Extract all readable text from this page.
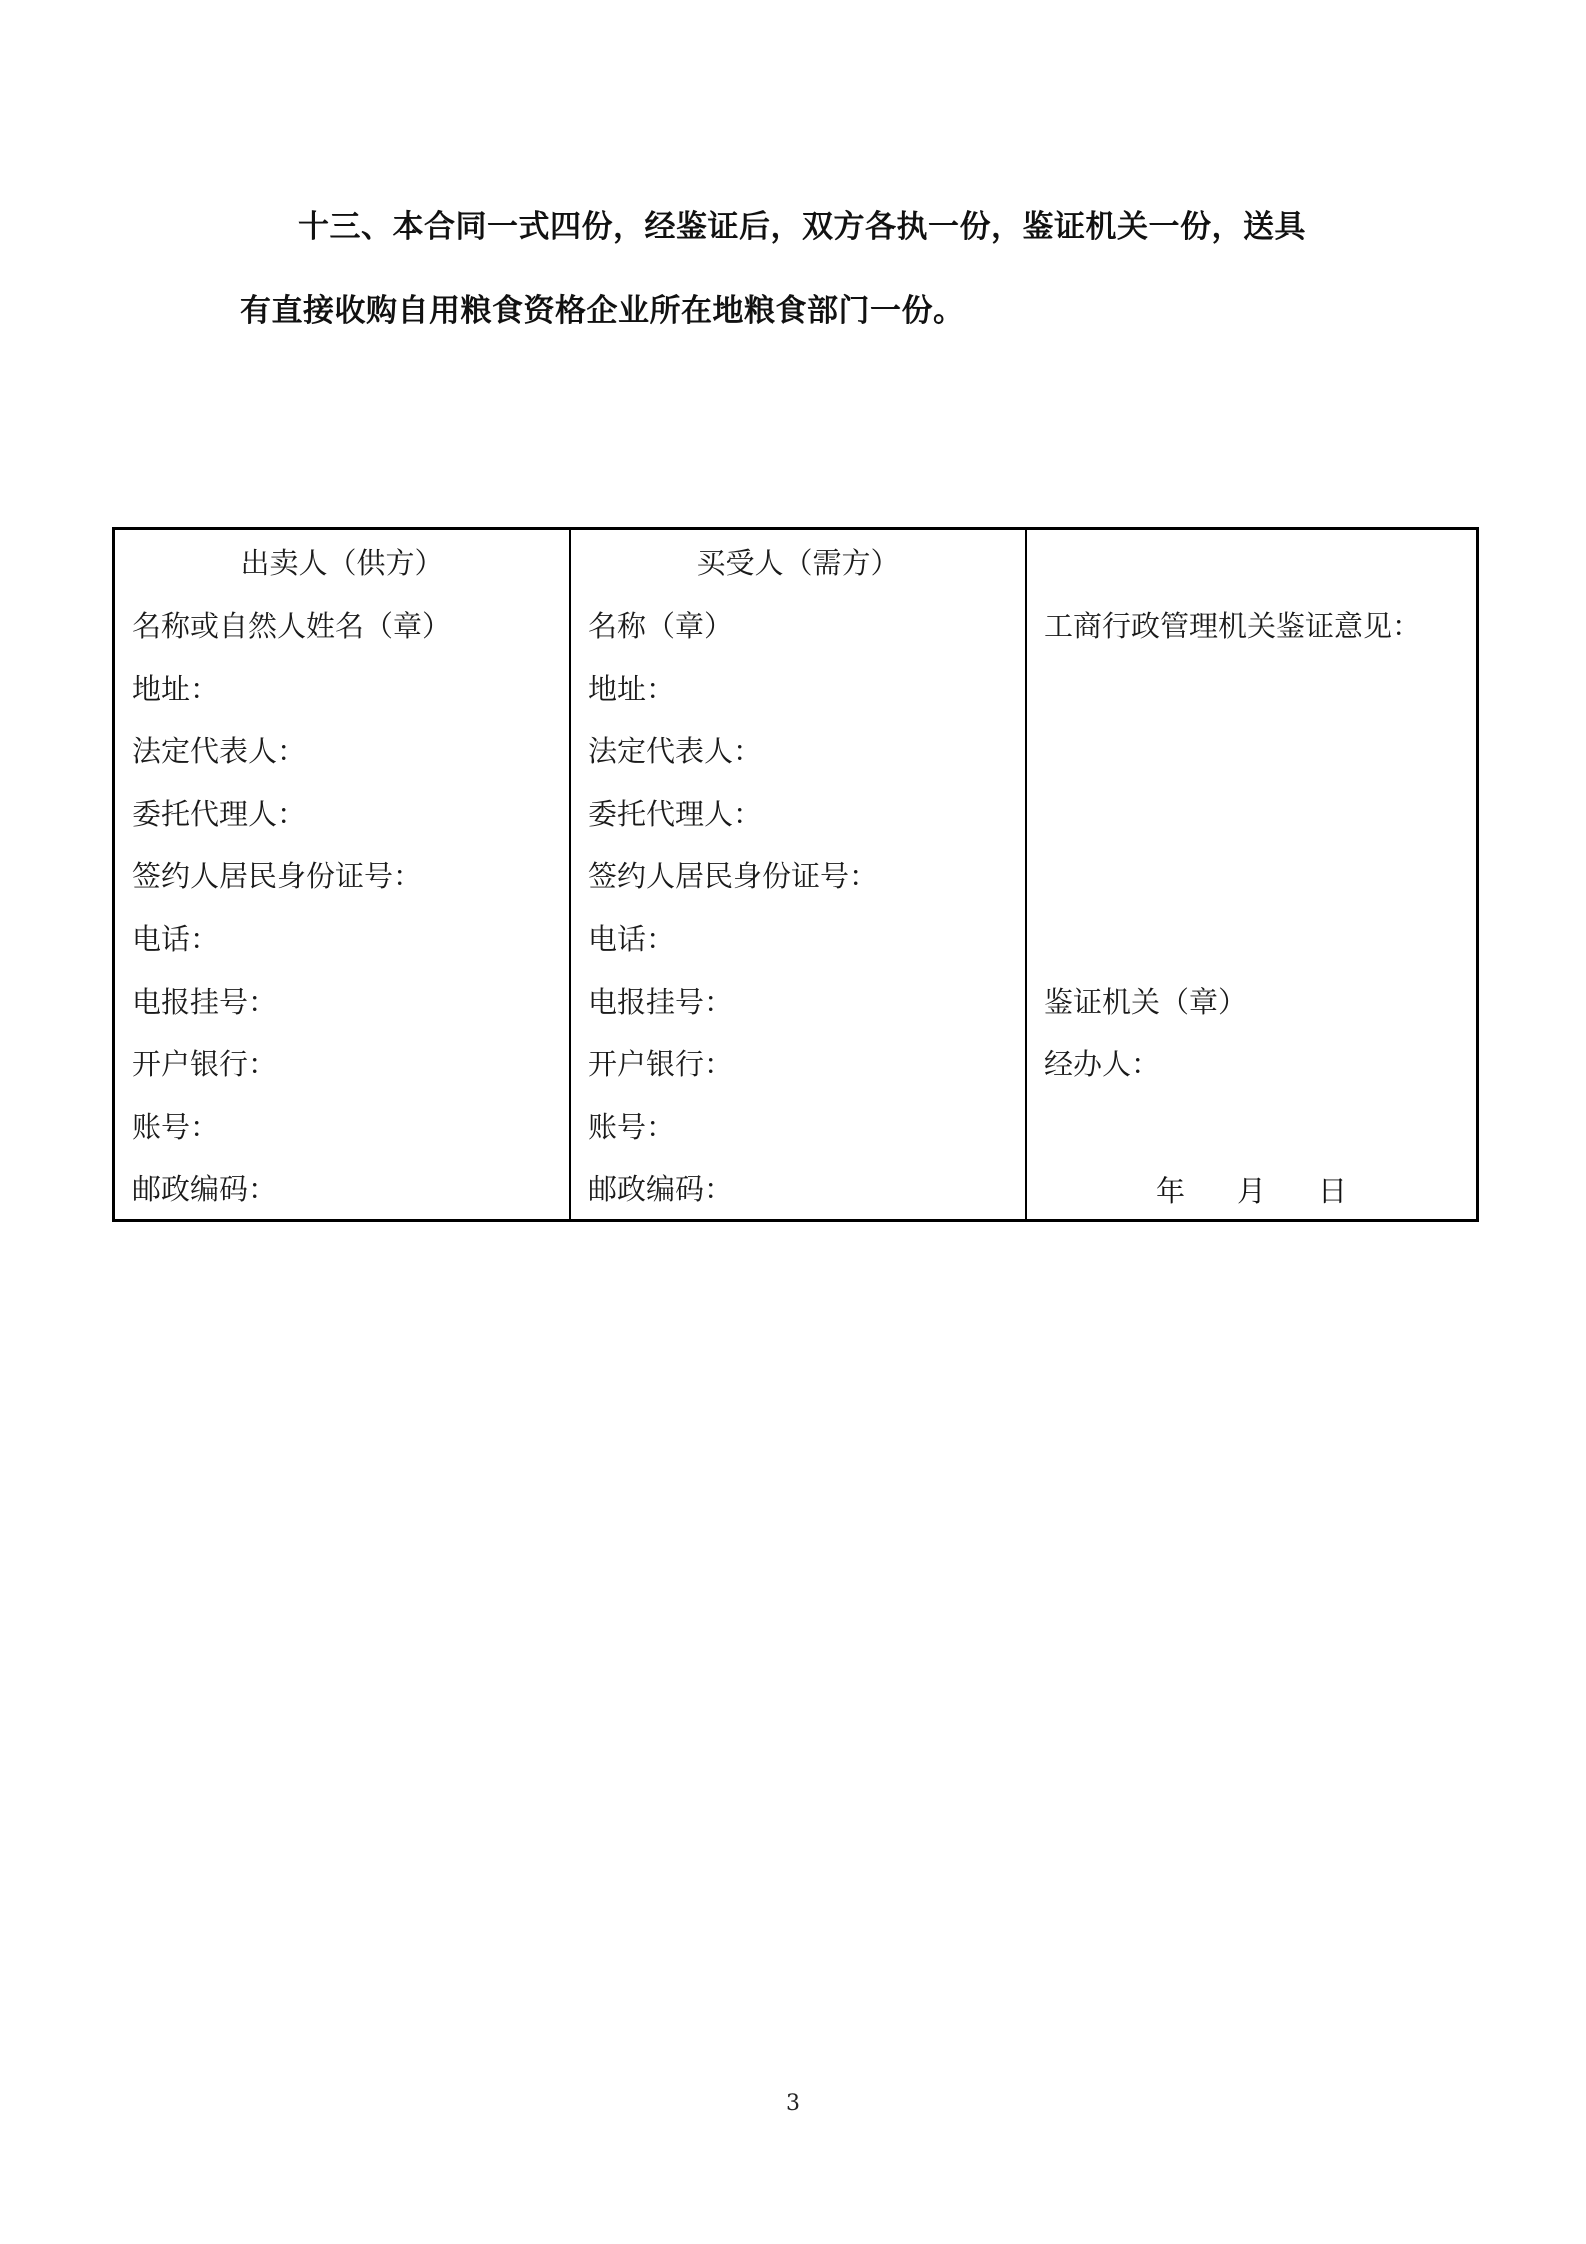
十三、本合同一式四份，经鉴证后，双方各执一份，鉴证机关一份，送具
有直接收购自用粮食资格企业所在地粮食部门一份。
出卖人（供方）
名称或自然人姓名（章）
地址：
法定代表人：
委托代理人：
签约人居民身份证号：
电话：
电报挂号：
开户银行：
账号：
邮政编码：
买受人（需方）
名称（章）
地址：
法定代表人：
委托代理人：
签约人居民身份证号：
电话：
电报挂号：
开户银行：
账号：
邮政编码：
工商行政管理机关鉴证意见：
鉴证机关（章）
经办人：
年 月 日
3
